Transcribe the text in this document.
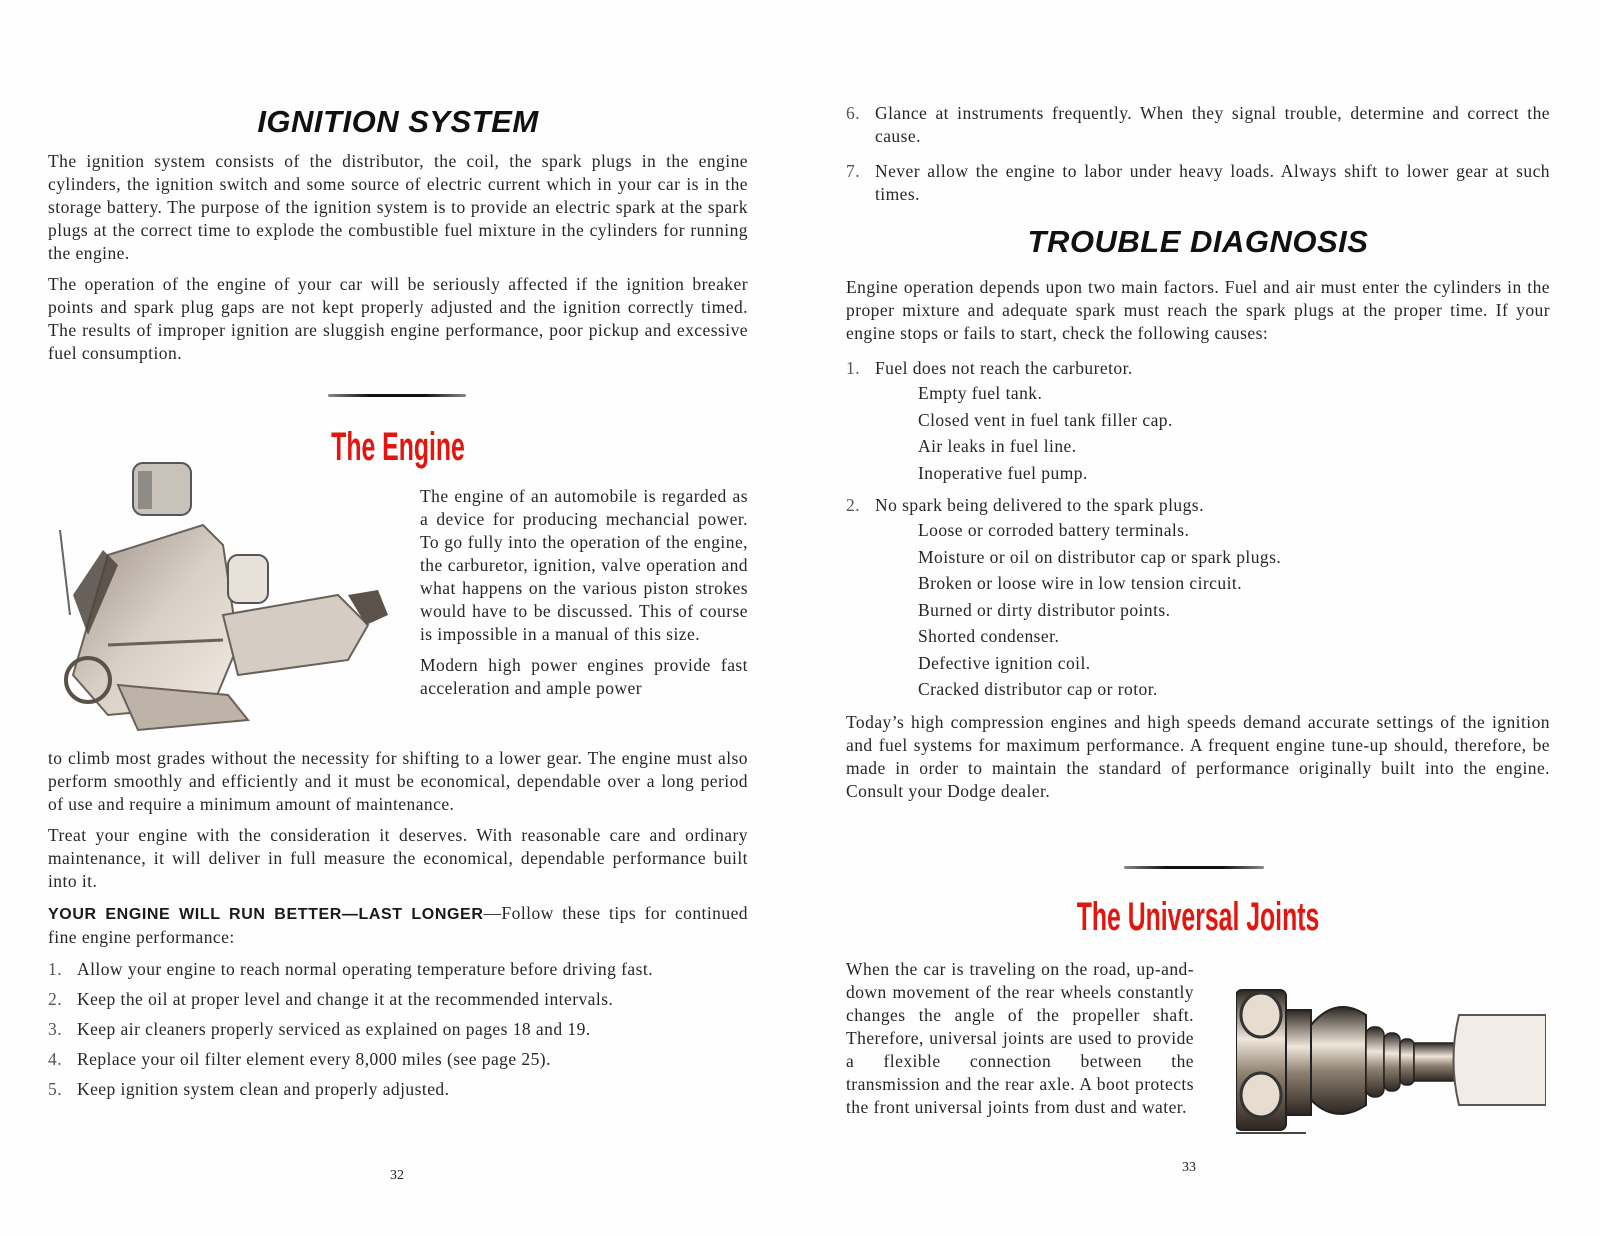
IGNITION SYSTEM

The ignition system consists of the distributor, the coil, the spark plugs in the engine cylinders, the ignition switch and some source of electric current which in your car is in the storage battery. The purpose of the ignition system is to provide an electric spark at the spark plugs at the correct time to explode the combustible fuel mixture in the cylinders for running the engine.

The operation of the engine of your car will be seriously affected if the ignition breaker points and spark plug gaps are not kept properly adjusted and the ignition correctly timed. The results of improper ignition are sluggish engine performance, poor pickup and excessive fuel consumption.

The Engine

The engine of an automobile is regarded as a device for producing mechancial power. To go fully into the operation of the engine, the carburetor, ignition, valve operation and what happens on the various piston strokes would have to be discussed. This of course is impossible in a manual of this size.

Modern high power engines provide fast acceleration and ample power

to climb most grades without the necessity for shifting to a lower gear. The engine must also perform smoothly and efficiently and it must be economical, dependable over a long period of use and require a minimum amount of maintenance.

Treat your engine with the consideration it deserves. With reasonable care and ordinary maintenance, it will deliver in full measure the economical, dependable performance built into it.

YOUR ENGINE WILL RUN BETTER—LAST LONGER—Follow these tips for continued fine engine performance:

1. Allow your engine to reach normal operating temperature before driving fast.
2. Keep the oil at proper level and change it at the recommended intervals.
3. Keep air cleaners properly serviced as explained on pages 18 and 19.
4. Replace your oil filter element every 8,000 miles (see page 25).
5. Keep ignition system clean and properly adjusted.
32
6. Glance at instruments frequently. When they signal trouble, determine and correct the cause.
7. Never allow the engine to labor under heavy loads. Always shift to lower gear at such times.
TROUBLE DIAGNOSIS

Engine operation depends upon two main factors. Fuel and air must enter the cylinders in the proper mixture and adequate spark must reach the spark plugs at the proper time. If your engine stops or fails to start, check the following causes:

1. Fuel does not reach the carburetor.
Empty fuel tank.
Closed vent in fuel tank filler cap.
Air leaks in fuel line.
Inoperative fuel pump.
2. No spark being delivered to the spark plugs.
Loose or corroded battery terminals.
Moisture or oil on distributor cap or spark plugs.
Broken or loose wire in low tension circuit.
Burned or dirty distributor points.
Shorted condenser.
Defective ignition coil.
Cracked distributor cap or rotor.

Today’s high compression engines and high speeds demand accurate settings of the ignition and fuel systems for maximum performance. A frequent engine tune-up should, therefore, be made in order to maintain the standard of performance originally built into the engine. Consult your Dodge dealer.

The Universal Joints

When the car is traveling on the road, up-and-down movement of the rear wheels constantly changes the angle of the propeller shaft. Therefore, universal joints are used to provide a flexible connection between the transmission and the rear axle. A boot protects the front universal joints from dust and water.

33
